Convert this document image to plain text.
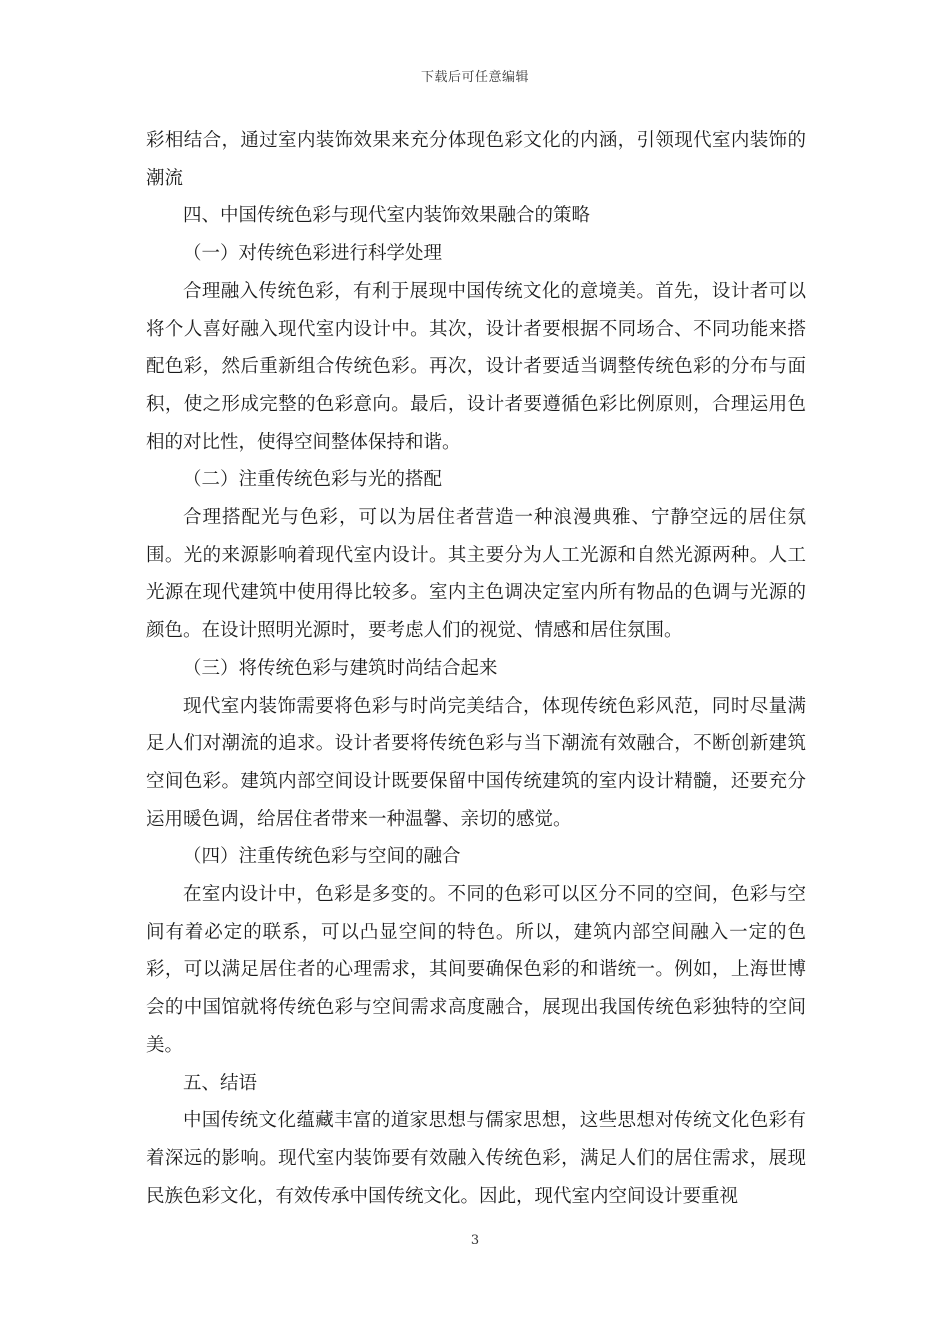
下载后可任意编辑

彩相结合，通过室内装饰效果来充分体现色彩文化的内涵，引领现代室内装饰的潮流

四、中国传统色彩与现代室内装饰效果融合的策略

（一）对传统色彩进行科学处理

合理融入传统色彩，有利于展现中国传统文化的意境美。首先，设计者可以将个人喜好融入现代室内设计中。其次，设计者要根据不同场合、不同功能来搭配色彩，然后重新组合传统色彩。再次，设计者要适当调整传统色彩的分布与面积，使之形成完整的色彩意向。最后，设计者要遵循色彩比例原则，合理运用色相的对比性，使得空间整体保持和谐。

（二）注重传统色彩与光的搭配

合理搭配光与色彩，可以为居住者营造一种浪漫典雅、宁静空远的居住氛围。光的来源影响着现代室内设计。其主要分为人工光源和自然光源两种。人工光源在现代建筑中使用得比较多。室内主色调决定室内所有物品的色调与光源的颜色。在设计照明光源时，要考虑人们的视觉、情感和居住氛围。

（三）将传统色彩与建筑时尚结合起来

现代室内装饰需要将色彩与时尚完美结合，体现传统色彩风范，同时尽量满足人们对潮流的追求。设计者要将传统色彩与当下潮流有效融合，不断创新建筑空间色彩。建筑内部空间设计既要保留中国传统建筑的室内设计精髓，还要充分运用暖色调，给居住者带来一种温馨、亲切的感觉。

（四）注重传统色彩与空间的融合

在室内设计中，色彩是多变的。不同的色彩可以区分不同的空间，色彩与空间有着必定的联系，可以凸显空间的特色。所以，建筑内部空间融入一定的色彩，可以满足居住者的心理需求，其间要确保色彩的和谐统一。例如，上海世博会的中国馆就将传统色彩与空间需求高度融合，展现出我国传统色彩独特的空间美。

五、结语

中国传统文化蕴藏丰富的道家思想与儒家思想，这些思想对传统文化色彩有着深远的影响。现代室内装饰要有效融入传统色彩，满足人们的居住需求，展现民族色彩文化，有效传承中国传统文化。因此，现代室内空间设计要重视

3
